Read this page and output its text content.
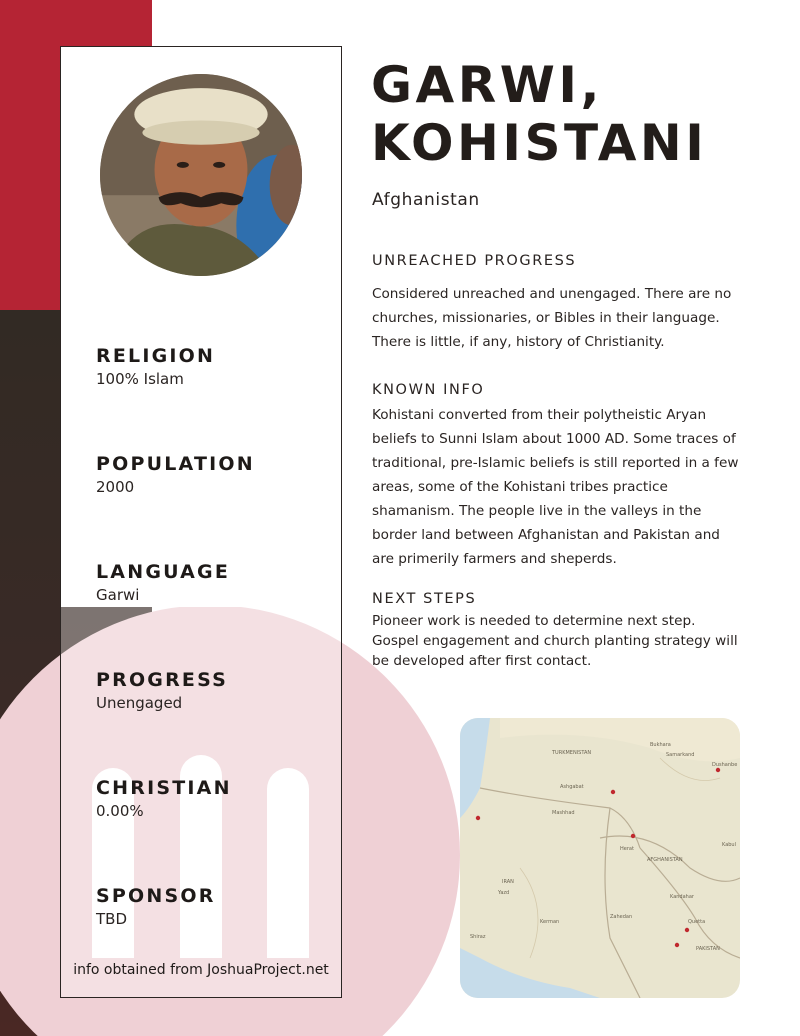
RELIGION
100% Islam
POPULATION
2000
LANGUAGE
Garwi
PROGRESS
Unengaged
CHRISTIAN
0.00%
SPONSOR
TBD
info obtained from JoshuaProject.net
GARWI,
KOHISTANI
Afghanistan
UNREACHED PROGRESS
Considered unreached and unengaged. There are no churches, missionaries, or Bibles in their language. There is little, if any, history of Christianity.
KNOWN INFO
Kohistani converted from their polytheistic Aryan beliefs to Sunni Islam about 1000 AD. Some traces of traditional, pre-Islamic beliefs is still reported in a few areas, some of the Kohistani tribes practice shamanism. The people live in the valleys in the border land between Afghanistan and Pakistan and are primerily farmers and sheperds.
NEXT STEPS
Pioneer work is needed to determine next step. Gospel engagement and church planting strategy will be developed after first contact.
TURKMENISTAN
Ashgabat
Mashhad
Herat
AFGHANISTAN
Kabul
Kandahar
Quetta
PAKISTAN
IRAN
Kerman
Shiraz
Yazd
Dushanbe
Bukhara
Samarkand
Zahedan
